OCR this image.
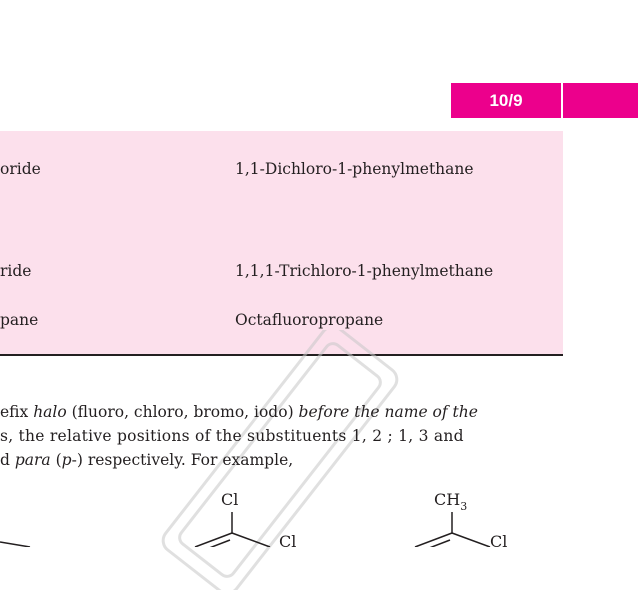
10/9
oride	1,1-Dichloro-1-phenylmethane
ride	1,1,1-Trichloro-1-phenylmethane
pane	Octafluoropropane
efix halo (fluoro, chloro, bromo, iodo) before the name of the
s, the relative positions of the substituents 1, 2 ; 1, 3 and
d para (p-) respectively. For example,
Cl
Cl
$CH_3$
Cl
